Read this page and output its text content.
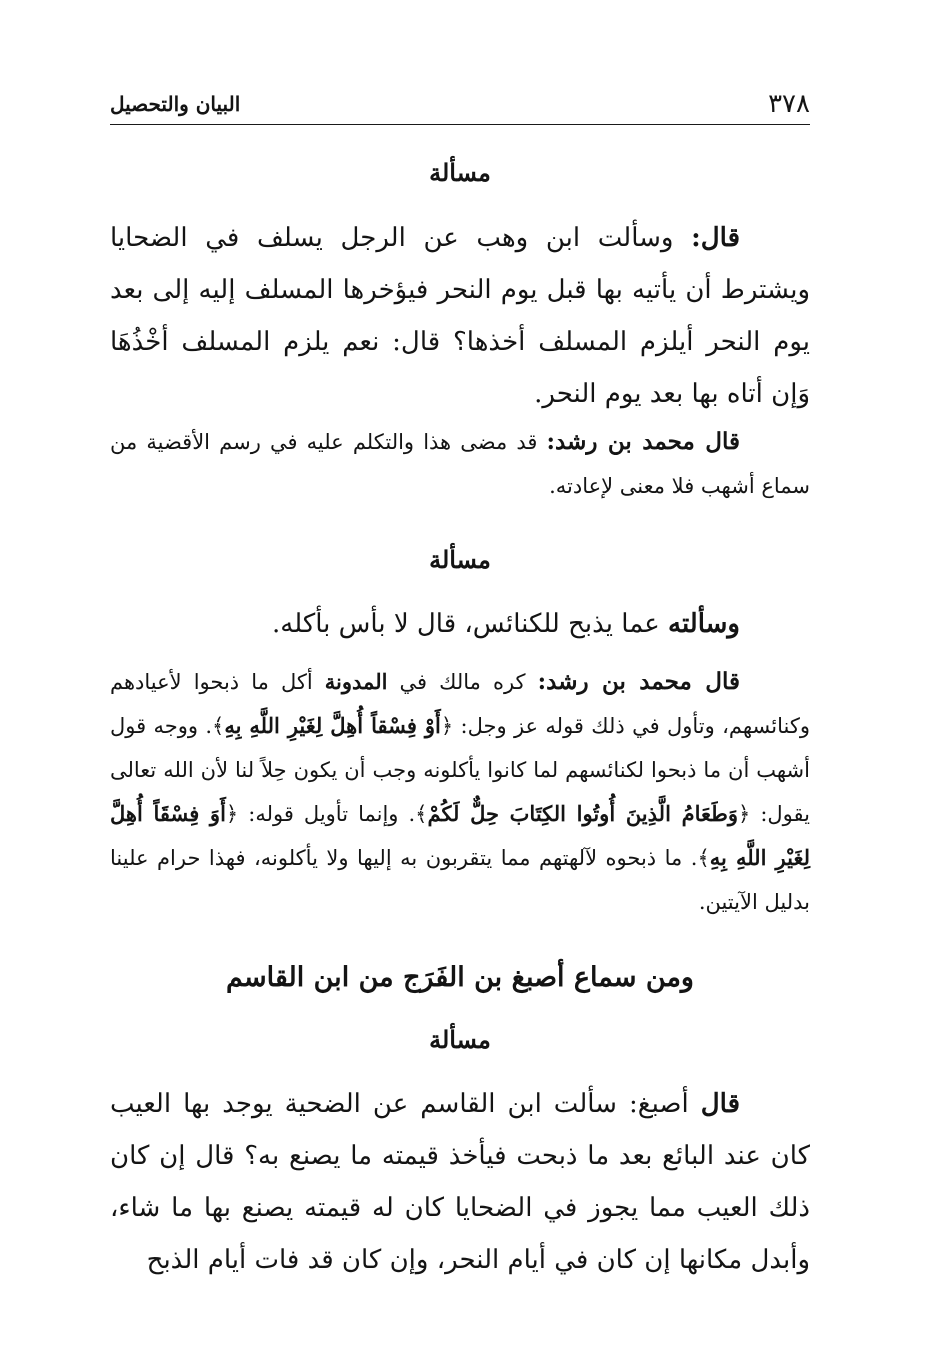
٣٧٨
البيان والتحصيل
مسألة

قال: وسألت ابن وهب عن الرجل يسلف في الضحايا ويشترط أن يأتيه بها قبل يوم النحر فيؤخرها المسلف إليه إلى بعد يوم النحر أيلزم المسلف أخذها؟ قال: نعم يلزم المسلف أخْذُهَا وَإن أتاه بها بعد يوم النحر.

قال محمد بن رشد: قد مضى هذا والتكلم عليه في رسم الأقضية من سماع أشهب فلا معنى لإعادته.

مسألة

وسألته عما يذبح للكنائس، قال لا بأس بأكله.

قال محمد بن رشد: كره مالك في المدونة أكل ما ذبحوا لأعيادهم وكنائسهم، وتأول في ذلك قوله عز وجل: ﴿أَوْ فِسْقاً أُهِلَّ لِغَيْرِ اللَّهِ بِهِ﴾. ووجه قول أشهب أن ما ذبحوا لكنائسهم لما كانوا يأكلونه وجب أن يكون حِلاً لنا لأن الله تعالى يقول: ﴿وَطَعَامُ الَّذِينَ أُوتُوا الكِتَابَ حِلٌّ لَكُمْ﴾. وإنما تأويل قوله: ﴿أَوَ فِسْقَاً أُهِلَّ لِغَيْرِ اللَّهِ بِهِ﴾. ما ذبحوه لآلهتهم مما يتقربون به إليها ولا يأكلونه، فهذا حرام علينا بدليل الآيتين.

ومن سماع أصبغ بن الفَرَج من ابن القاسم
مسألة

قال أصبغ: سألت ابن القاسم عن الضحية يوجد بها العيب كان عند البائع بعد ما ذبحت فيأخذ قيمته ما يصنع به؟ قال إن كان ذلك العيب مما يجوز في الضحايا كان له قيمته يصنع بها ما شاء، وأبدل مكانها إن كان في أيام النحر، وإن كان قد فات أيام الذبح
